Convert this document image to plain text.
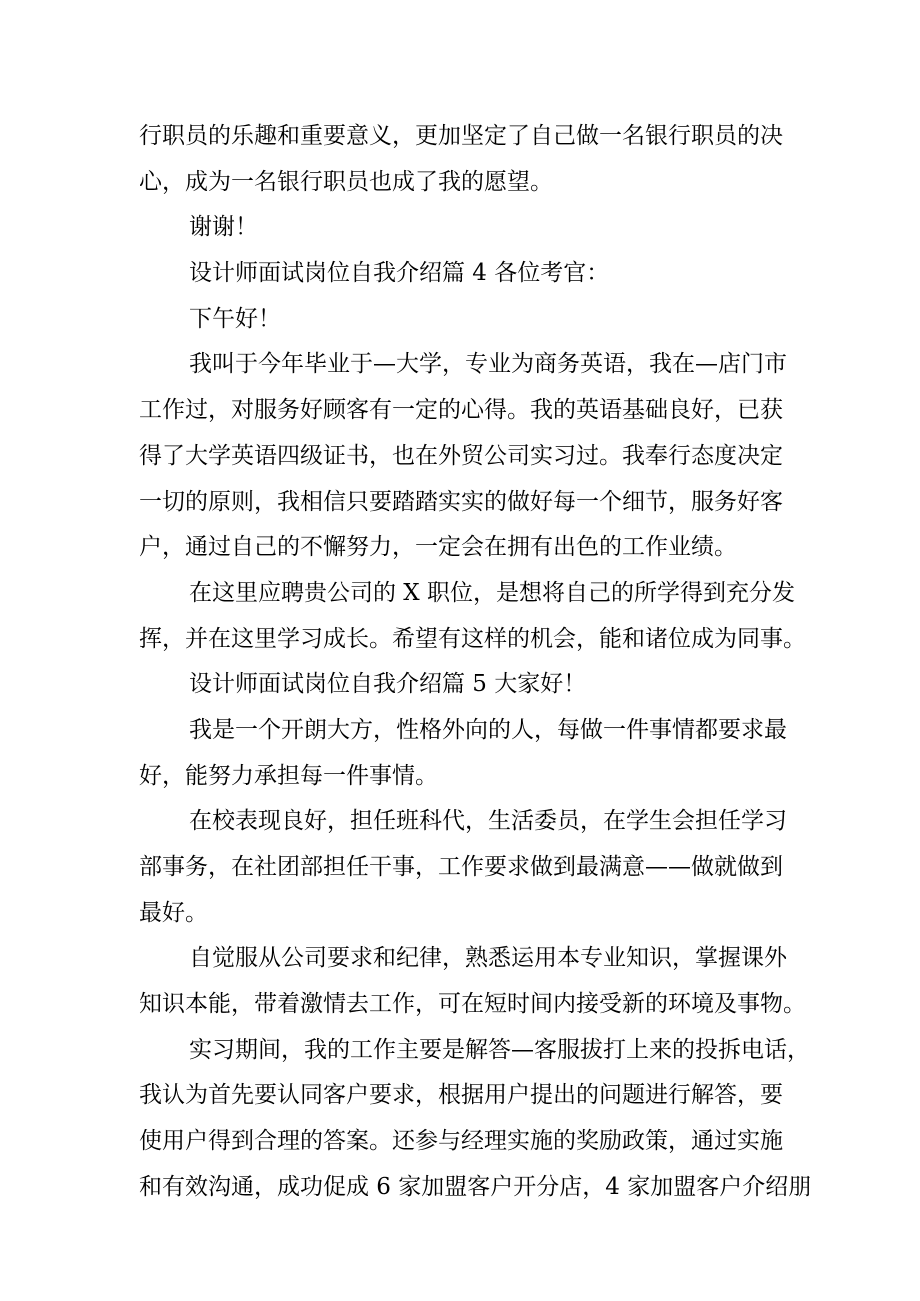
行职员的乐趣和重要意义，更加坚定了自己做一名银行职员的决
心，成为一名银行职员也成了我的愿望。
谢谢！
设计师面试岗位自我介绍篇 4 各位考官：
下午好！
我叫于今年毕业于—大学，专业为商务英语，我在—店门市
工作过，对服务好顾客有一定的心得。我的英语基础良好，已获
得了大学英语四级证书，也在外贸公司实习过。我奉行态度决定
一切的原则，我相信只要踏踏实实的做好每一个细节，服务好客
户，通过自己的不懈努力，一定会在拥有出色的工作业绩。
在这里应聘贵公司的 X 职位，是想将自己的所学得到充分发
挥，并在这里学习成长。希望有这样的机会，能和诸位成为同事。
设计师面试岗位自我介绍篇 5 大家好！
我是一个开朗大方，性格外向的人，每做一件事情都要求最
好，能努力承担每一件事情。
在校表现良好，担任班科代，生活委员，在学生会担任学习
部事务，在社团部担任干事，工作要求做到最满意——做就做到
最好。
自觉服从公司要求和纪律，熟悉运用本专业知识，掌握课外
知识本能，带着激情去工作，可在短时间内接受新的环境及事物。
实习期间，我的工作主要是解答—客服拔打上来的投拆电话，
我认为首先要认同客户要求，根据用户提出的问题进行解答，要
使用户得到合理的答案。还参与经理实施的奖励政策，通过实施
和有效沟通，成功促成 6 家加盟客户开分店，4 家加盟客户介绍朋
